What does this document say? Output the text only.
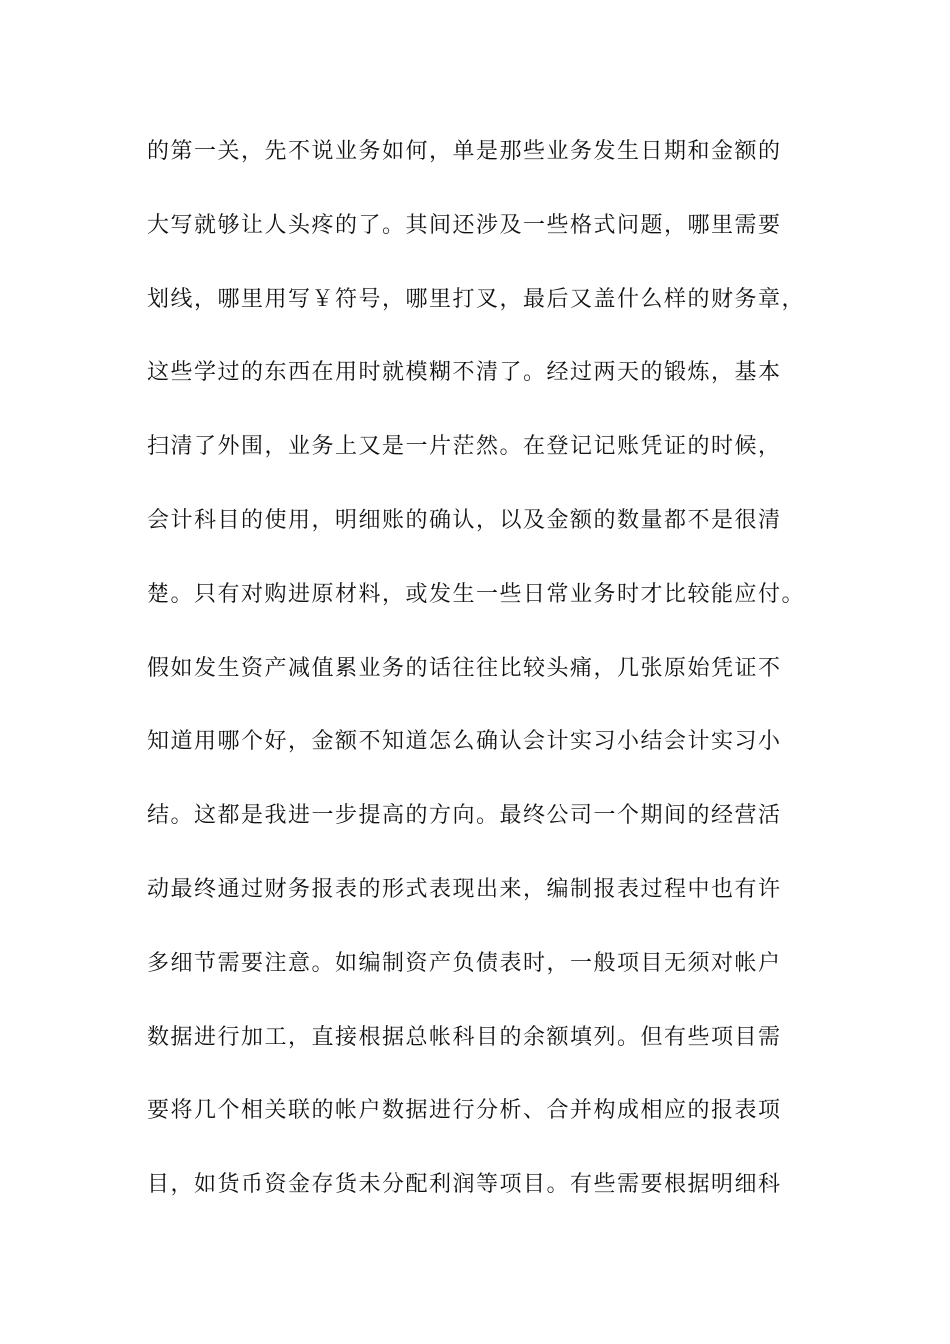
的第一关，先不说业务如何，单是那些业务发生日期和金额的
大写就够让人头疼的了。其间还涉及一些格式问题，哪里需要
划线，哪里用写￥符号，哪里打叉，最后又盖什么样的财务章，
这些学过的东西在用时就模糊不清了。经过两天的锻炼，基本
扫清了外围，业务上又是一片茫然。在登记记账凭证的时候，
会计科目的使用，明细账的确认，以及金额的数量都不是很清
楚。只有对购进原材料，或发生一些日常业务时才比较能应付。
假如发生资产减值累业务的话往往比较头痛，几张原始凭证不
知道用哪个好，金额不知道怎么确认会计实习小结会计实习小
结。这都是我进一步提高的方向。最终公司一个期间的经营活
动最终通过财务报表的形式表现出来，编制报表过程中也有许
多细节需要注意。如编制资产负债表时，一般项目无须对帐户
数据进行加工，直接根据总帐科目的余额填列。但有些项目需
要将几个相关联的帐户数据进行分析、合并构成相应的报表项
目，如货币资金存货未分配利润等项目。有些需要根据明细科
